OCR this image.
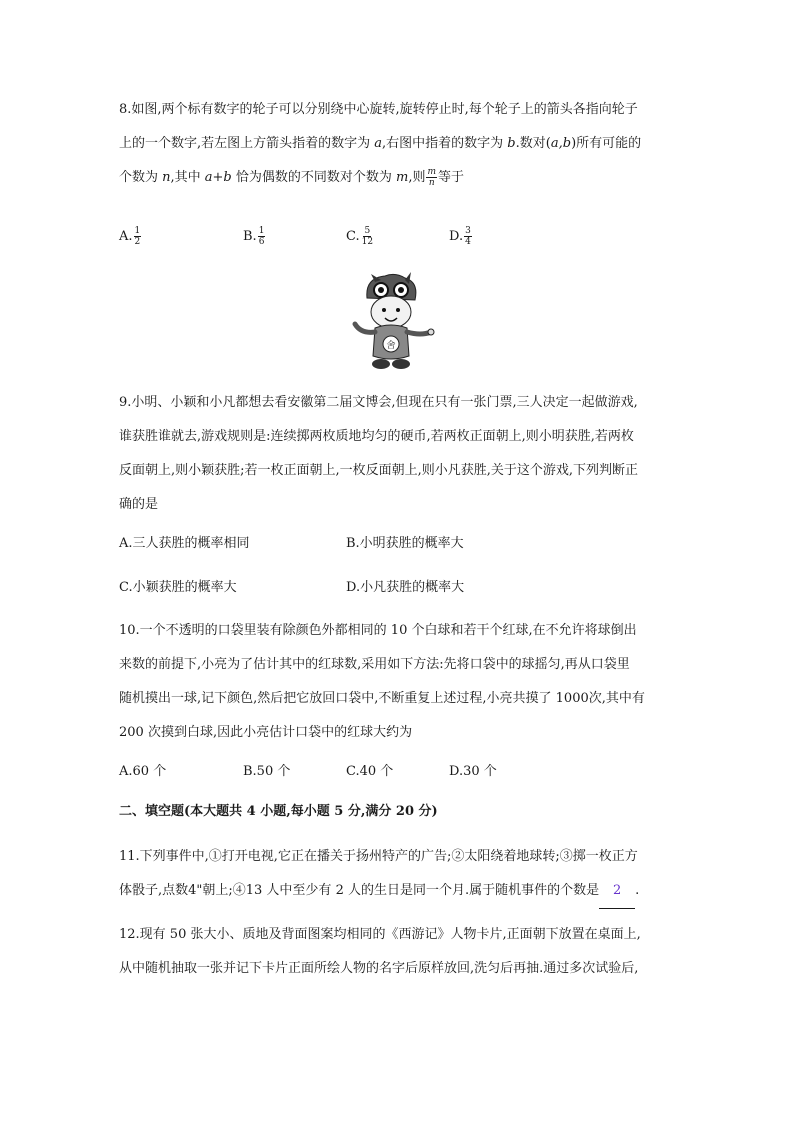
8.如图,两个标有数字的轮子可以分别绕中心旋转,旋转停止时,每个轮子上的箭头各指向轮子
上的一个数字,若左图上方箭头指着的数字为 a,右图中指着的数字为 b.数对(a,b)所有可能的
个数为 n,其中 a+b 恰为偶数的不同数对个数为 m,则 $\frac{m}{n}$ 等于
A. $\frac{1}{2}$	B. $\frac{1}{6}$	C. $\frac{5}{12}$	D. $\frac{3}{4}$
舍
9.小明、小颖和小凡都想去看安徽第二届文博会,但现在只有一张门票,三人决定一起做游戏,
谁获胜谁就去,游戏规则是:连续掷两枚质地均匀的硬币,若两枚正面朝上,则小明获胜,若两枚
反面朝上,则小颖获胜;若一枚正面朝上,一枚反面朝上,则小凡获胜,关于这个游戏,下列判断正
确的是
A.三人获胜的概率相同	B.小明获胜的概率大
C.小颖获胜的概率大	D.小凡获胜的概率大
10.一个不透明的口袋里装有除颜色外都相同的 10 个白球和若干个红球,在不允许将球倒出
来数的前提下,小亮为了估计其中的红球数,采用如下方法:先将口袋中的球摇匀,再从口袋里
随机摸出一球,记下颜色,然后把它放回口袋中,不断重复上述过程,小亮共摸了 1000次,其中有
200 次摸到白球,因此小亮估计口袋中的红球大约为
A.60 个	B.50 个	C.40 个	D.30 个
二、填空题(本大题共 4 小题,每小题 5 分,满分 20 分)
11.下列事件中,①打开电视,它正在播关于扬州特产的广告;②太阳绕着地球转;③掷一枚正方
体骰子,点数4"朝上;④13 人中至少有 2 人的生日是同一个月.属于随机事件的个数是 2 .
12.现有 50 张大小、质地及背面图案均相同的《西游记》人物卡片,正面朝下放置在桌面上,
从中随机抽取一张并记下卡片正面所绘人物的名字后原样放回,洗匀后再抽.通过多次试验后,
